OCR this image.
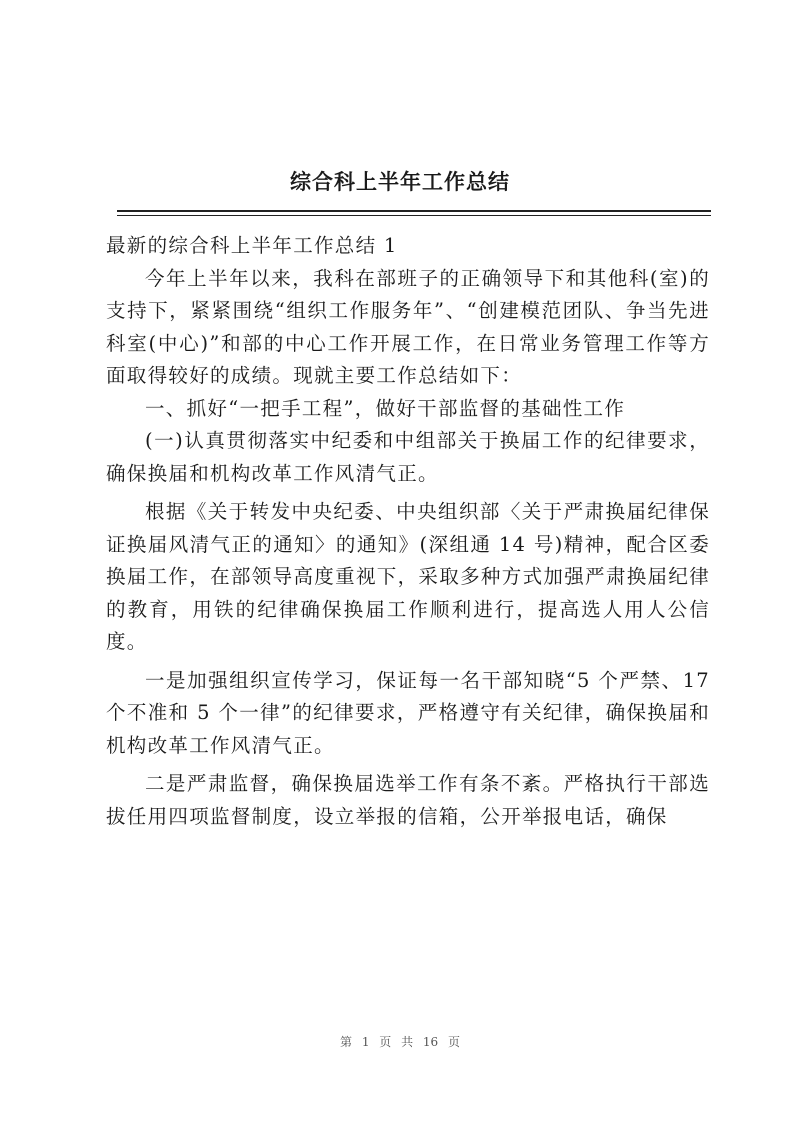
综合科上半年工作总结

最新的综合科上半年工作总结 1

今年上半年以来，我科在部班子的正确领导下和其他科(室)的支持下，紧紧围绕“组织工作服务年”、“创建模范团队、争当先进科室(中心)”和部的中心工作开展工作，在日常业务管理工作等方面取得较好的成绩。现就主要工作总结如下：

一、抓好“一把手工程”，做好干部监督的基础性工作

(一)认真贯彻落实中纪委和中组部关于换届工作的纪律要求，确保换届和机构改革工作风清气正。

根据《关于转发中央纪委、中央组织部〈关于严肃换届纪律保证换届风清气正的通知〉的通知》(深组通 14 号)精神，配合区委换届工作，在部领导高度重视下，采取多种方式加强严肃换届纪律的教育，用铁的纪律确保换届工作顺利进行，提高选人用人公信度。

一是加强组织宣传学习，保证每一名干部知晓“5 个严禁、17 个不准和 5 个一律”的纪律要求，严格遵守有关纪律，确保换届和机构改革工作风清气正。

二是严肃监督，确保换届选举工作有条不紊。严格执行干部选拔任用四项监督制度，设立举报的信箱，公开举报电话，确保

第 1 页 共 16 页
